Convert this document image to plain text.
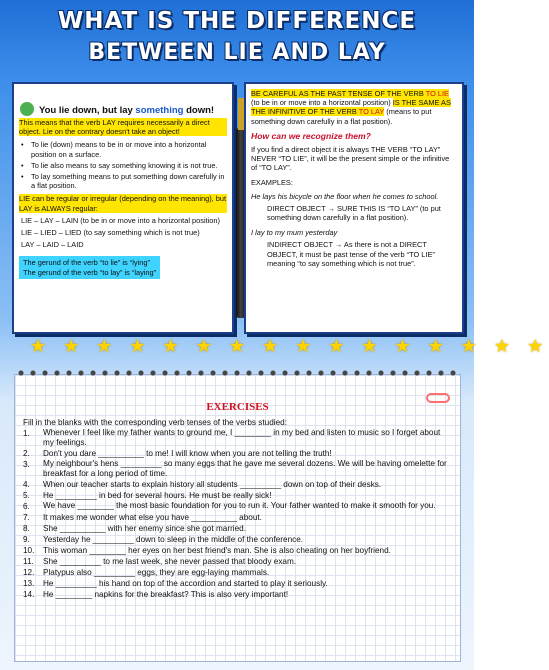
WHAT IS THE DIFFERENCE
BETWEEN LIE AND LAY
You lie down, but lay something down!

This means that the verb LAY requires necessarily a direct object. Lie on the contrary doesn't take an object!

• To lie (down) means to be in or move into a horizontal position on a surface.
• To lie also means to say something knowing it is not true.
• To lay something means to put something down carefully in a flat position.

LIE can be regular or irregular (depending on the meaning), but LAY is ALWAYS regular:

LIE – LAY – LAIN (to be in or move into a horizontal position)
LIE – LIED – LIED (to say something which is not true)
LAY – LAID – LAID

The gerund of the verb “to lie” is “lying”

The gerund of the verb “to lay” is “laying”

BE CAREFUL AS THE PAST TENSE OF THE VERB TO LIE (to be in or move into a horizontal position) IS THE SAME AS THE INFINITIVE OF THE VERB TO LAY (means to put something down carefully in a flat position).

How can we recognize them?

If you find a direct object it is always THE VERB “TO LAY” NEVER “TO LIE”, it will be the present simple or the infinitive of “TO LAY”.

EXAMPLES:

He lays his bicycle on the floor when he comes to school.

DIRECT OBJECT → SURE THIS IS “TO LAY” (to put something down carefully in a flat position).

I lay to my mum yesterday

INDIRECT OBJECT → As there is not a DIRECT OBJECT, it must be past tense of the verb “TO LIE” meaning “to say something which is not true”.

★ ★ ★ ★ ★ ★ ★ ★ ★ ★ ★ ★ ★ ★ ★ ★
EXERCISES

Fill in the blanks with the corresponding verb tenses of the verbs studied:

1.	Whenever I feel like my father wants to ground me, I ________ in my bed and listen to music so I forget about my feelings.
2.	Don't you dare __________ to me! I will know when you are not telling the truth!
3.	My neighbour's hens _________ so many eggs that he gave me several dozens. We will be having omelette for breakfast for a long period of time.
4.	When our teacher starts to explain history all students _________ down on top of their desks.
5.	He _________ in bed for several hours. He must be really sick!
6.	We have ________ the most basic foundation for you to run it. Your father wanted to make it smooth for you.
7.	It makes me wonder what else you have __________ about.
8.	She __________ with her enemy since she got married.
9.	Yesterday he _________ down to sleep in the middle of the conference.
10.	This woman ________ her eyes on her best friend's man. She is also cheating on her boyfriend.
11.	She _________ to me last week, she never passed that bloody exam.
12.	Platypus also _________ eggs, they are egg-laying mammals.
13.	He _________ his hand on top of the accordion and started to play it seriously.
14.	He ________ napkins for the breakfast? This is also very important!
